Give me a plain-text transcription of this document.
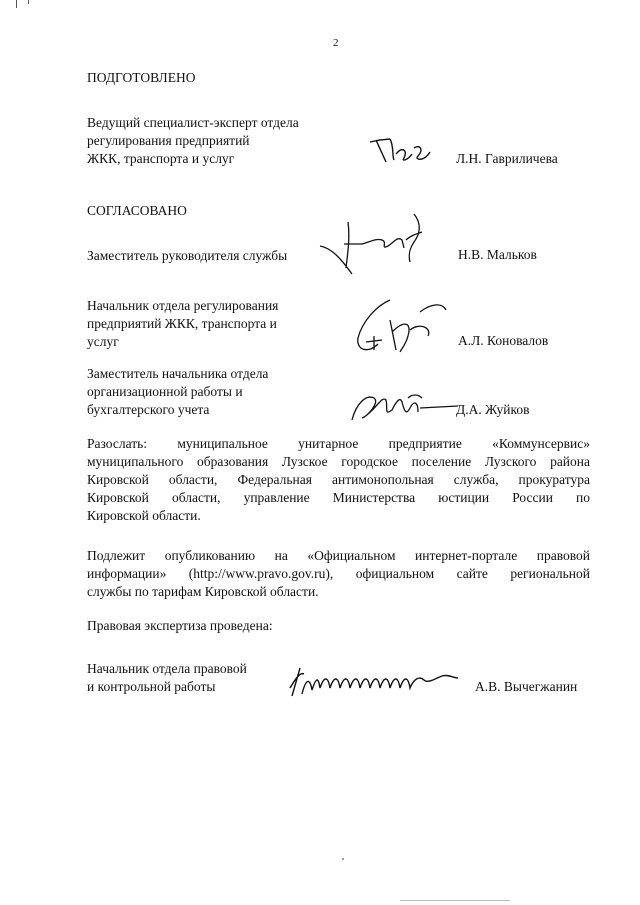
2
ПОДГОТОВЛЕНО
Ведущий специалист-эксперт отдела
регулирования предприятий
ЖКК, транспорта и услуг	Л.Н. Гавриличева
СОГЛАСОВАНО
Заместитель руководителя службы	Н.В. Мальков
Начальник отдела регулирования
предприятий ЖКК, транспорта и
услуг	А.Л. Коновалов
Заместитель начальника отдела
организационной работы и
бухгалтерского учета	Д.А. Жуйков
Разослать: муниципальное унитарное предприятие «Коммунсервис»
муниципального образования Лузское городское поселение Лузского района
Кировской области, Федеральная антимонопольная служба, прокуратура
Кировской области, управление Министерства юстиции России по
Кировской области.
Подлежит опубликованию на «Официальном интернет-портале правовой
информации» (http://www.pravo.gov.ru), официальном сайте региональной
службы по тарифам Кировской области.
Правовая экспертиза проведена:
Начальник отдела правовой
и контрольной работы	А.В. Вычегжанин
